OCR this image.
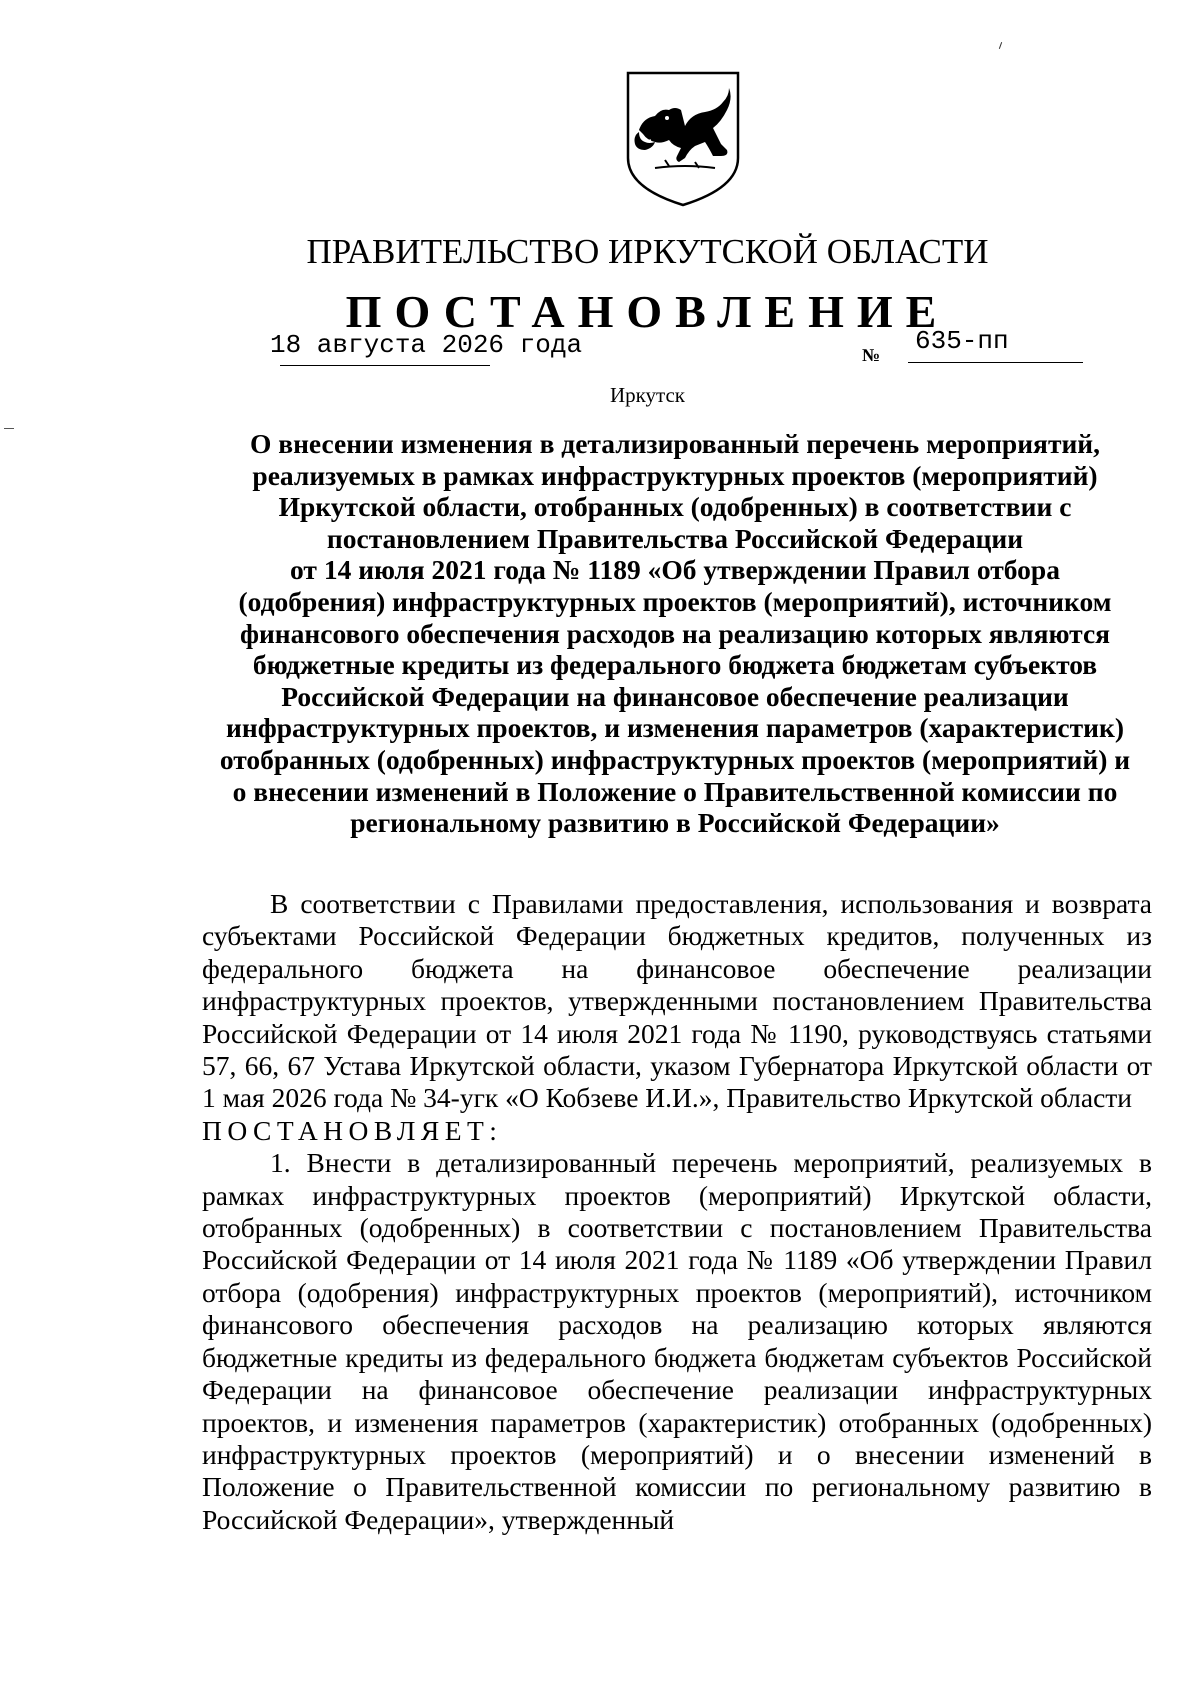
ПРАВИТЕЛЬСТВО ИРКУТСКОЙ ОБЛАСТИ
ПОСТАНОВЛЕНИЕ
18 августа 2026 года	№ 635-пп
Иркутск
О внесении изменения в детализированный перечень мероприятий,
реализуемых в рамках инфраструктурных проектов (мероприятий)
Иркутской области, отобранных (одобренных) в соответствии с
постановлением Правительства Российской Федерации
от 14 июля 2021 года № 1189 «Об утверждении Правил отбора
(одобрения) инфраструктурных проектов (мероприятий), источником
финансового обеспечения расходов на реализацию которых являются
бюджетные кредиты из федерального бюджета бюджетам субъектов
Российской Федерации на финансовое обеспечение реализации
инфраструктурных проектов, и изменения параметров (характеристик)
отобранных (одобренных) инфраструктурных проектов (мероприятий) и
о внесении изменений в Положение о Правительственной комиссии по
региональному развитию в Российской Федерации»

В соответствии с Правилами предоставления, использования и возврата субъектами Российской Федерации бюджетных кредитов, полученных из федерального бюджета на финансовое обеспечение реализации инфраструктурных проектов, утвержденными постановлением Правительства Российской Федерации от 14 июля 2021 года № 1190, руководствуясь статьями 57, 66, 67 Устава Иркутской области, указом Губернатора Иркутской области от 1 мая 2026 года № 34-угк «О Кобзеве И.И.», Правительство Иркутской области

ПОСТАНОВЛЯЕТ:

1. Внести в детализированный перечень мероприятий, реализуемых в рамках инфраструктурных проектов (мероприятий) Иркутской области, отобранных (одобренных) в соответствии с постановлением Правительства Российской Федерации от 14 июля 2021 года № 1189 «Об утверждении Правил отбора (одобрения) инфраструктурных проектов (мероприятий), источником финансового обеспечения расходов на реализацию которых являются бюджетные кредиты из федерального бюджета бюджетам субъектов Российской Федерации на финансовое обеспечение реализации инфраструктурных проектов, и изменения параметров (характеристик) отобранных (одобренных) инфраструктурных проектов (мероприятий) и о внесении изменений в Положение о Правительственной комиссии по региональному развитию в Российской Федерации», утвержденный
